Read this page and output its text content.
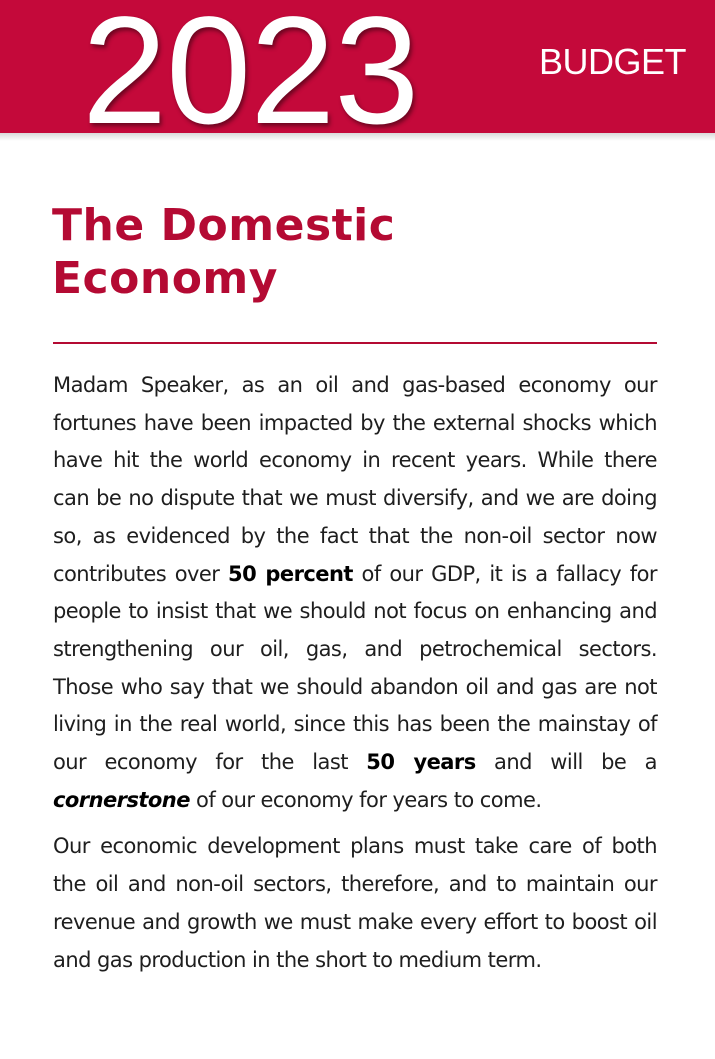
2023	BUDGET
The Domestic
Economy

Madam Speaker, as an oil and gas-based economy our fortunes have been impacted by the external shocks which have hit the world economy in recent years. While there can be no dispute that we must diversify, and we are doing so, as evidenced by the fact that the non-oil sector now contributes over 50 percent of our GDP, it is a fallacy for people to insist that we should not focus on enhancing and strengthening our oil, gas, and petrochemical sectors. Those who say that we should abandon oil and gas are not living in the real world, since this has been the mainstay of our economy for the last 50 years and will be a cornerstone of our economy for years to come.

Our economic development plans must take care of both the oil and non-oil sectors, therefore, and to maintain our revenue and growth we must make every effort to boost oil and gas production in the short to medium term.
